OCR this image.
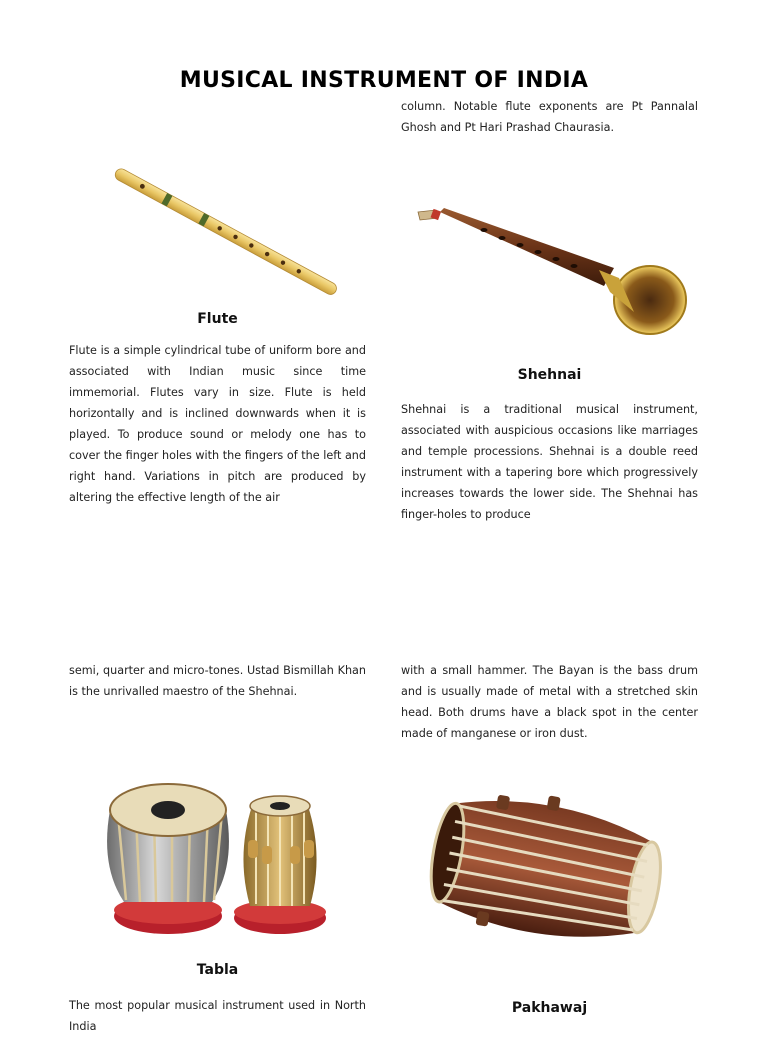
MUSICAL INSTRUMENT OF INDIA
column. Notable flute exponents are Pt Pannalal Ghosh and Pt Hari Prashad Chaurasia.
Flute
Flute is a simple cylindrical tube of uniform bore and associated with Indian music since time immemorial. Flutes vary in size. Flute is held horizontally and is inclined downwards when it is played. To produce sound or melody one has to cover the finger holes with the fingers of the left and right hand. Variations in pitch are produced by altering the effective length of the air
Shehnai
Shehnai is a traditional musical instrument, associated with auspicious occasions like marriages and temple processions. Shehnai is a double reed instrument with a tapering bore which progressively increases towards the lower side. The Shehnai has finger-holes to produce
semi, quarter and micro-tones. Ustad Bismillah Khan is the unrivalled maestro of the Shehnai.
with a small hammer. The Bayan is the bass drum and is usually made of metal with a stretched skin head. Both drums have a black spot in the center made of manganese or iron dust.
Tabla
The most popular musical instrument used in North India
Pakhawaj
